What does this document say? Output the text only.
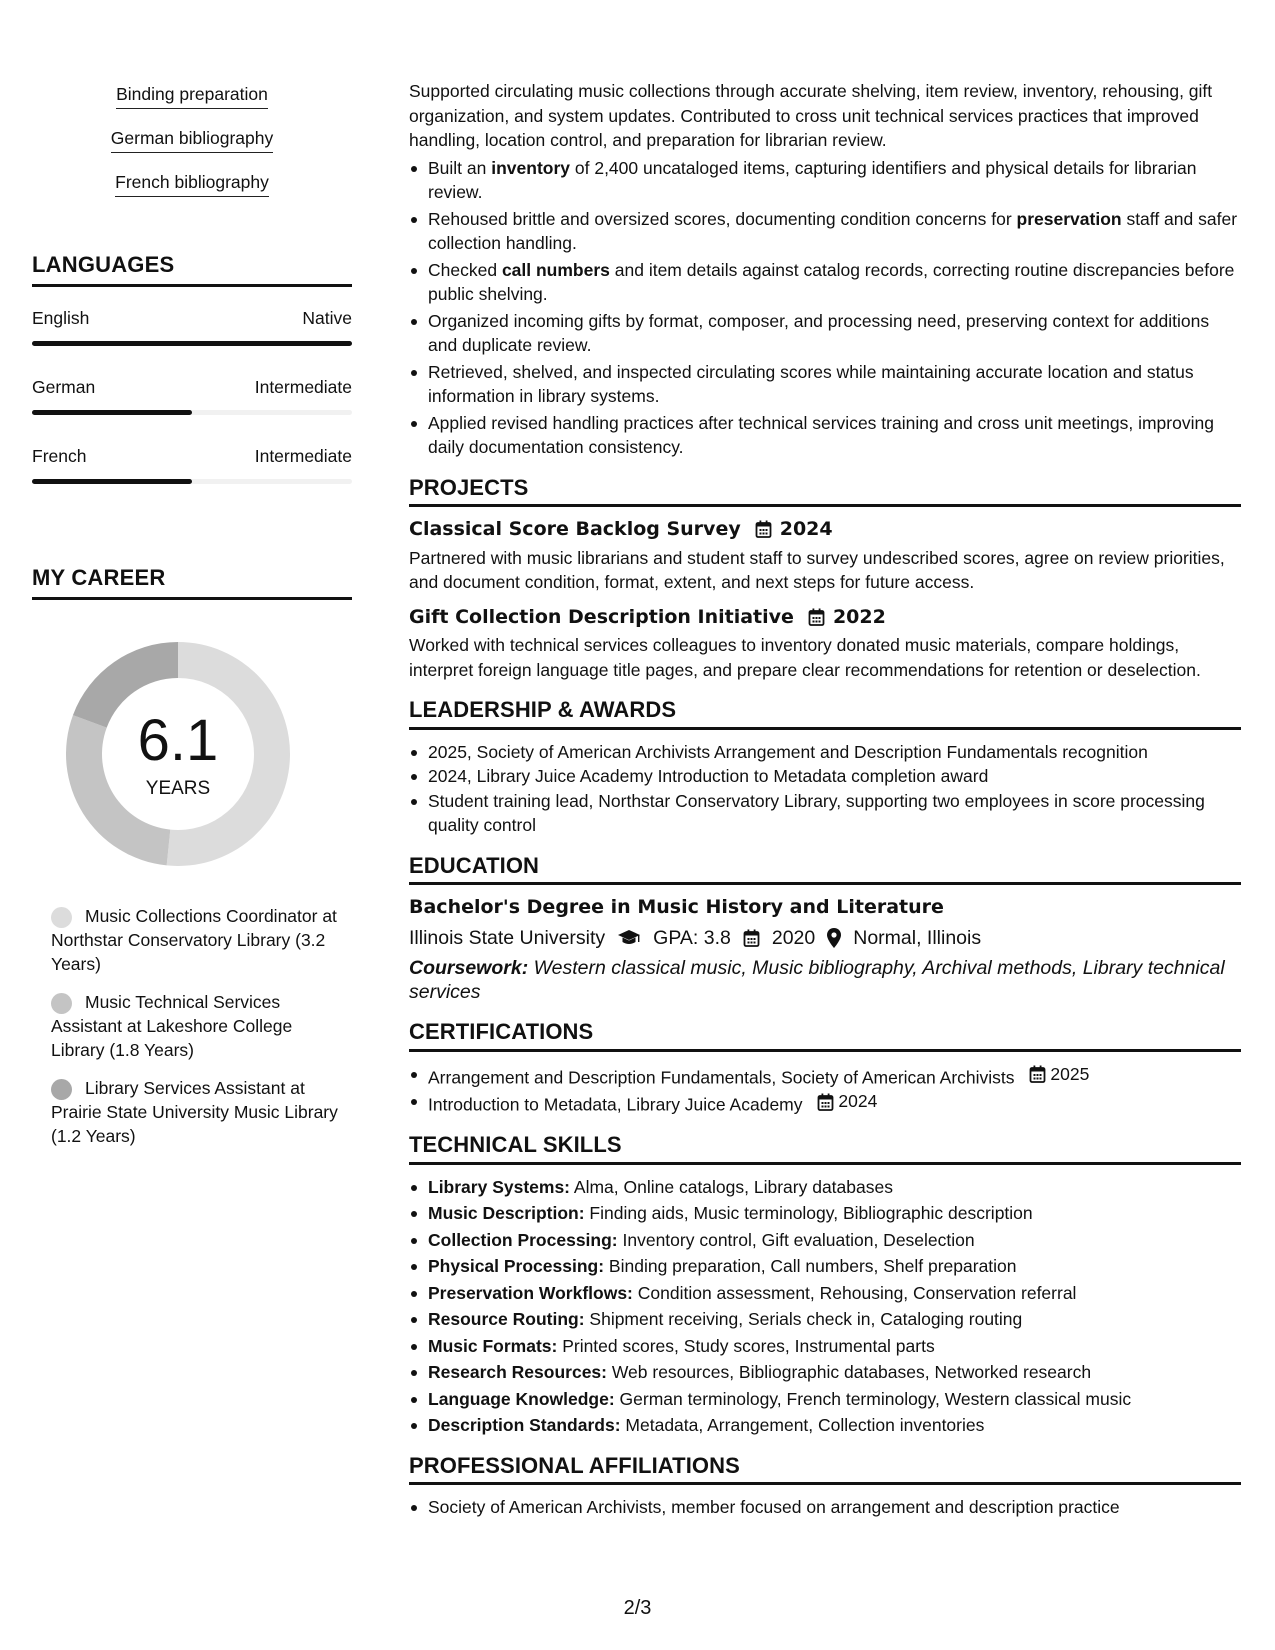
Binding preparation
German bibliography
French bibliography
LANGUAGES
English	Native
German	Intermediate
French	Intermediate
MY CAREER
6.1
YEARS
Music Collections Coordinator at Northstar Conservatory Library (3.2 Years)
Music Technical Services Assistant at Lakeshore College Library (1.8 Years)
Library Services Assistant at Prairie State University Music Library (1.2 Years)

Supported circulating music collections through accurate shelving, item review, inventory, rehousing, gift organization, and system updates. Contributed to cross unit technical services practices that improved handling, location control, and preparation for librarian review.

Built an inventory of 2,400 uncataloged items, capturing identifiers and physical details for librarian review.
Rehoused brittle and oversized scores, documenting condition concerns for preservation staff and safer collection handling.
Checked call numbers and item details against catalog records, correcting routine discrepancies before public shelving.
Organized incoming gifts by format, composer, and processing need, preserving context for additions and duplicate review.
Retrieved, shelved, and inspected circulating scores while maintaining accurate location and status information in library systems.
Applied revised handling practices after technical services training and cross unit meetings, improving daily documentation consistency.
PROJECTS
Classical Score Backlog Survey 2024

Partnered with music librarians and student staff to survey undescribed scores, agree on review priorities, and document condition, format, extent, and next steps for future access.

Gift Collection Description Initiative 2022

Worked with technical services colleagues to inventory donated music materials, compare holdings, interpret foreign language title pages, and prepare clear recommendations for retention or deselection.

LEADERSHIP & AWARDS
2025, Society of American Archivists Arrangement and Description Fundamentals recognition
2024, Library Juice Academy Introduction to Metadata completion award
Student training lead, Northstar Conservatory Library, supporting two employees in score processing quality control
EDUCATION
Bachelor's Degree in Music History and Literature
Illinois State University GPA: 3.8 2020 Normal, Illinois
Coursework: Western classical music, Music bibliography, Archival methods, Library technical services
CERTIFICATIONS
Arrangement and Description Fundamentals, Society of American Archivists 2025
Introduction to Metadata, Library Juice Academy 2024
TECHNICAL SKILLS
Library Systems: Alma, Online catalogs, Library databases
Music Description: Finding aids, Music terminology, Bibliographic description
Collection Processing: Inventory control, Gift evaluation, Deselection
Physical Processing: Binding preparation, Call numbers, Shelf preparation
Preservation Workflows: Condition assessment, Rehousing, Conservation referral
Resource Routing: Shipment receiving, Serials check in, Cataloging routing
Music Formats: Printed scores, Study scores, Instrumental parts
Research Resources: Web resources, Bibliographic databases, Networked research
Language Knowledge: German terminology, French terminology, Western classical music
Description Standards: Metadata, Arrangement, Collection inventories
PROFESSIONAL AFFILIATIONS
Society of American Archivists, member focused on arrangement and description practice
2/3
